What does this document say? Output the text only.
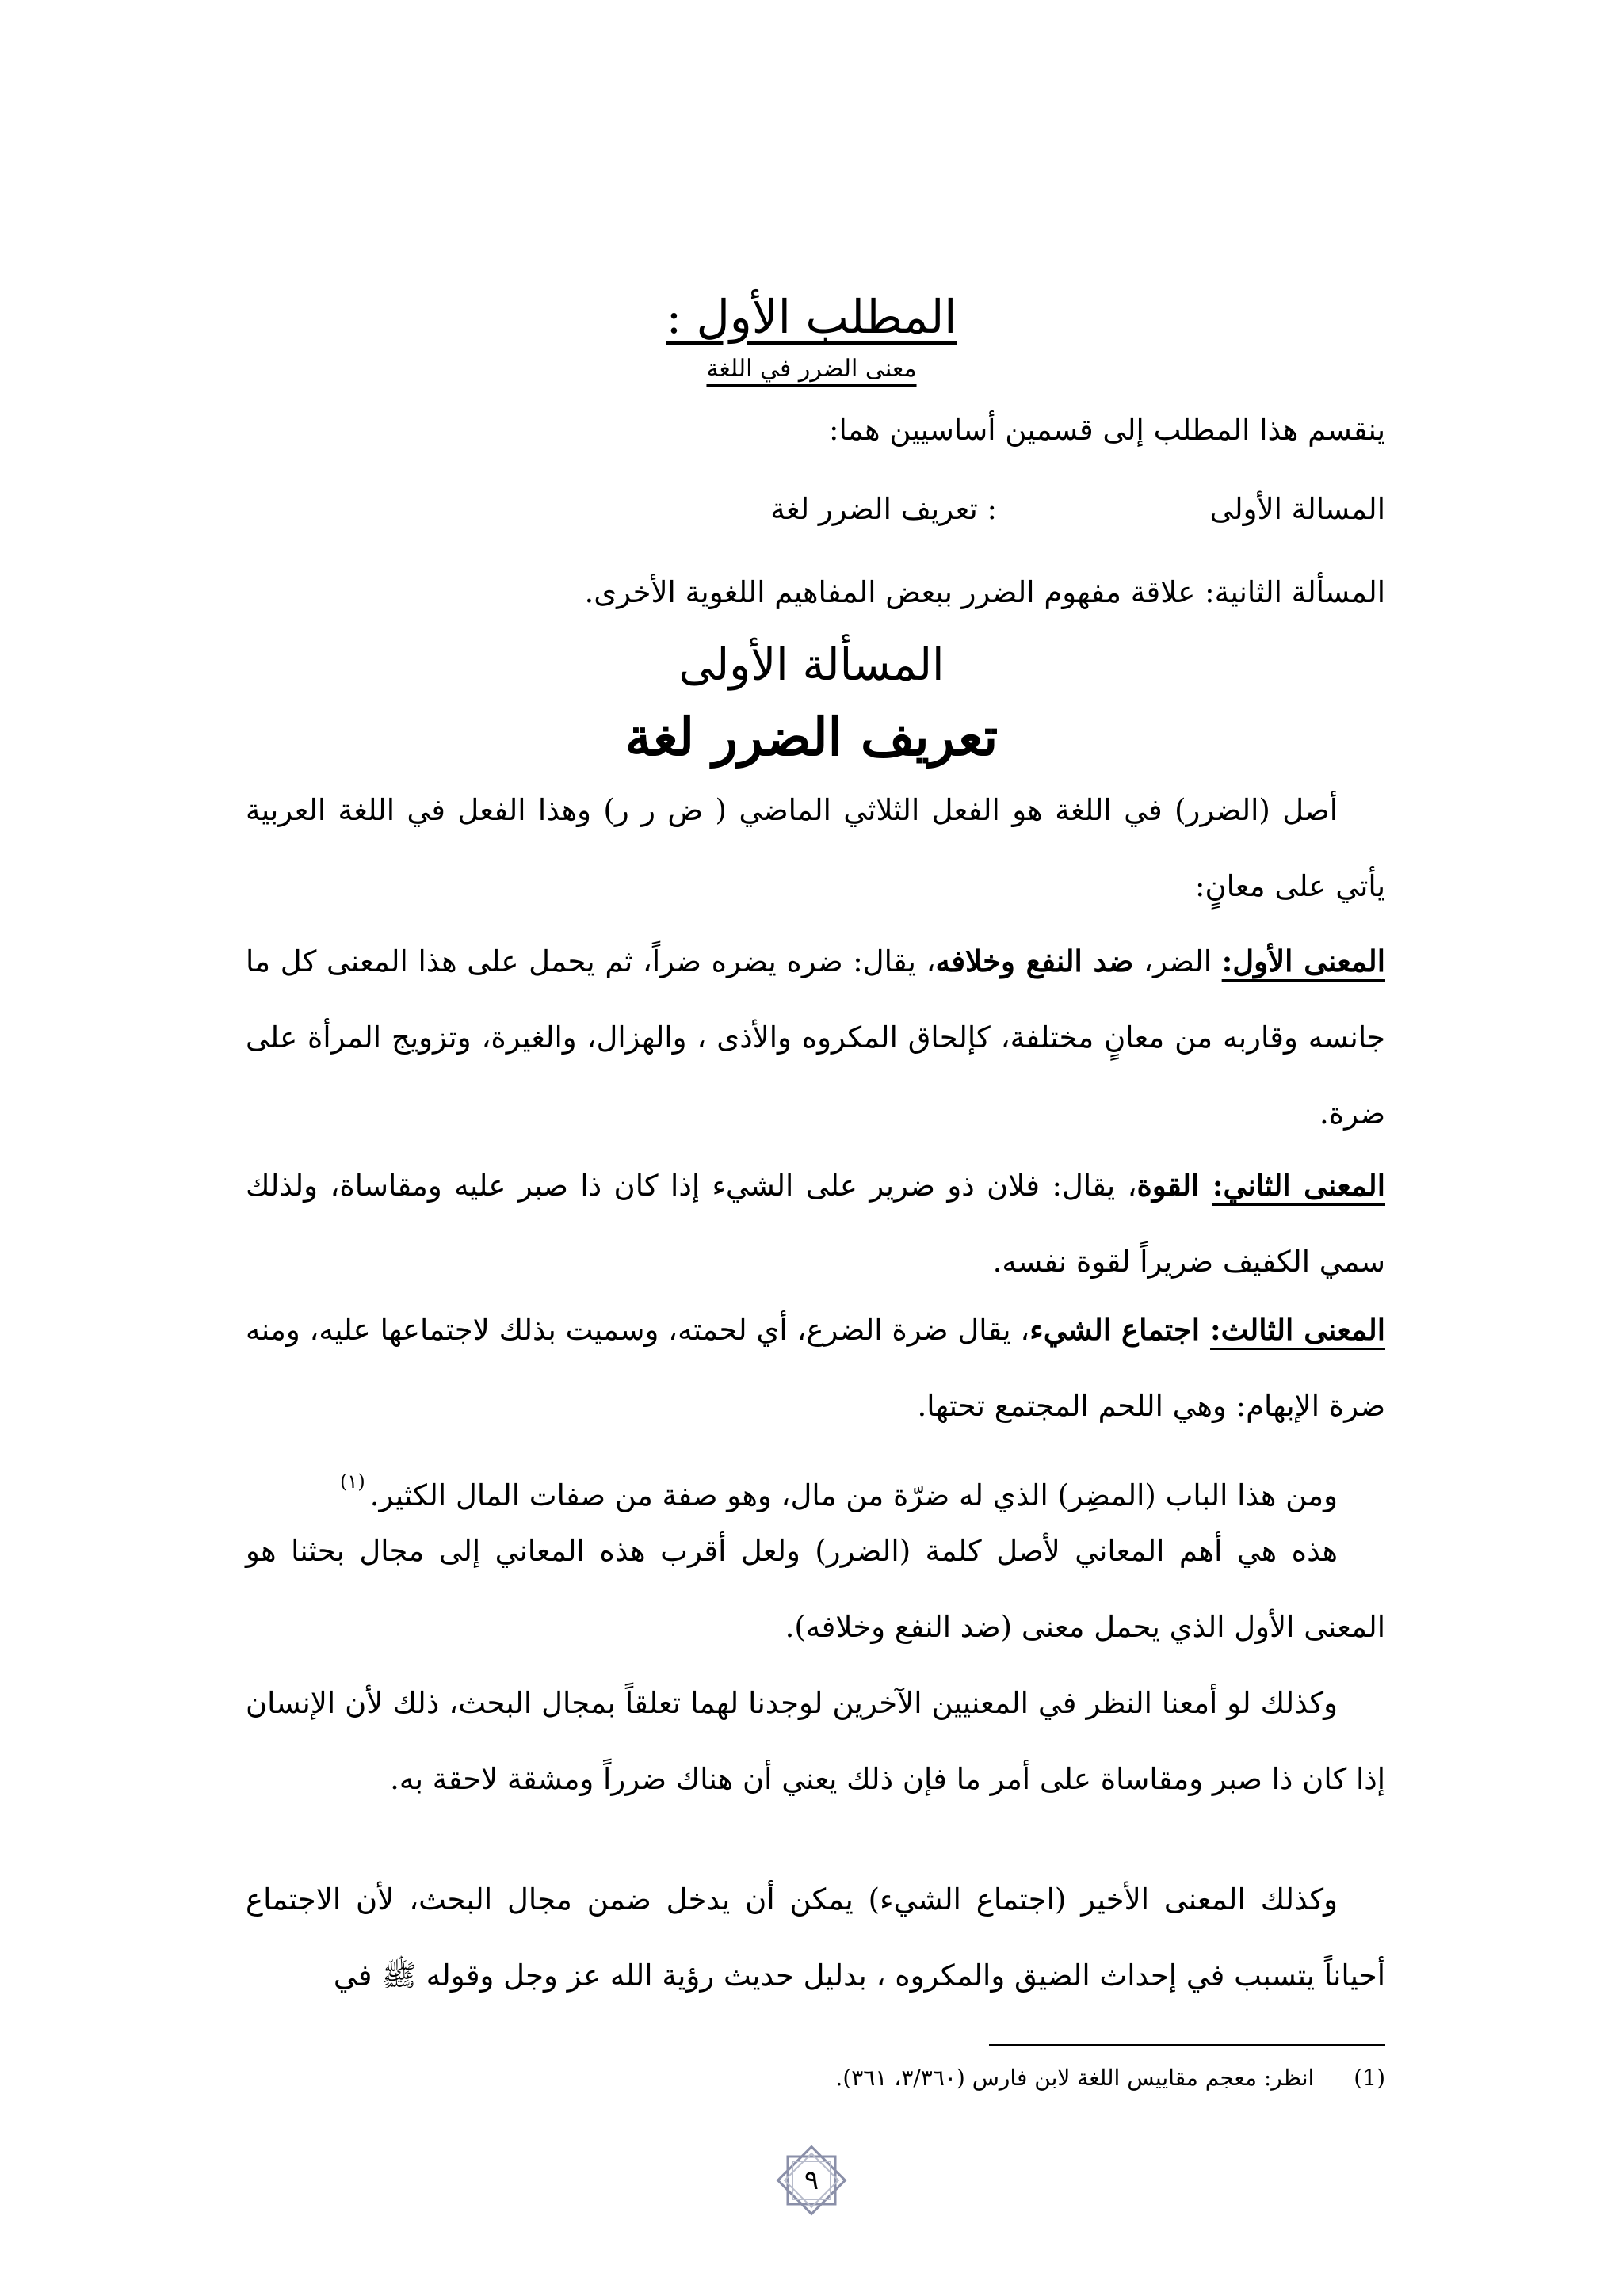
المطلب الأول :
معنى الضرر في اللغة
ينقسم هذا المطلب إلى قسمين أساسيين هما:
المسالة الأولى
: تعريف الضرر لغة
المسألة الثانية: علاقة مفهوم الضرر ببعض المفاهيم اللغوية الأخرى.
المسألة الأولى
تعريف الضرر لغة
أصل (الضرر) في اللغة هو الفعل الثلاثي الماضي ( ض ر ر) وهذا الفعل في اللغة العربية يأتي على معانٍ:
المعنى الأول: الضر، ضد النفع وخلافه، يقال: ضره يضره ضراً، ثم يحمل على هذا المعنى كل ما جانسه وقاربه من معانٍ مختلفة، كإلحاق المكروه والأذى ، والهزال، والغيرة، وتزويج المرأة على ضرة.
المعنى الثاني: القوة، يقال: فلان ذو ضرير على الشيء إذا كان ذا صبر عليه ومقاساة، ولذلك سمي الكفيف ضريراً لقوة نفسه.
المعنى الثالث: اجتماع الشيء، يقال ضرة الضرع، أي لحمته، وسميت بذلك لاجتماعها عليه، ومنه ضرة الإبهام: وهي اللحم المجتمع تحتها.
ومن هذا الباب (المضِر) الذي له ضرّة من مال، وهو صفة من صفات المال الكثير.$^{(١)}$
هذه هي أهم المعاني لأصل كلمة (الضرر) ولعل أقرب هذه المعاني إلى مجال بحثنا هو المعنى الأول الذي يحمل معنى (ضد النفع وخلافه).
وكذلك لو أمعنا النظر في المعنيين الآخرين لوجدنا لهما تعلقاً بمجال البحث، ذلك لأن الإنسان إذا كان ذا صبر ومقاساة على أمر ما فإن ذلك يعني أن هناك ضرراً ومشقة لاحقة به.
وكذلك المعنى الأخير (اجتماع الشيء) يمكن أن يدخل ضمن مجال البحث، لأن الاجتماع أحياناً يتسبب في إحداث الضيق والمكروه ، بدليل حديث رؤية الله عز وجل وقوله ﷺ في
(1)انظر: معجم مقاييس اللغة لابن فارس (٣/٣٦٠، ٣٦١).
٩
